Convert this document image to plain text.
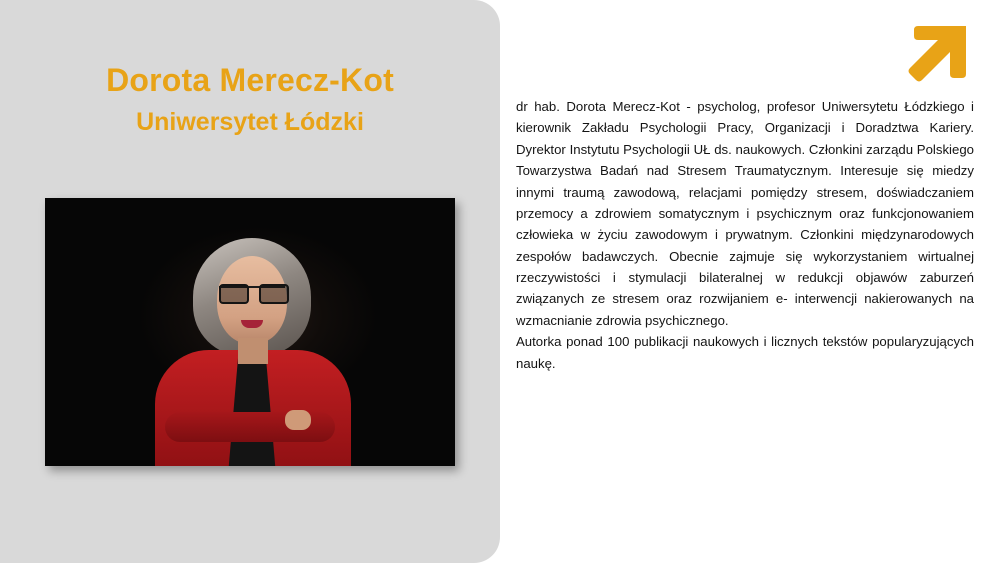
Dorota Merecz-Kot
Uniwersytet Łódzki

dr hab. Dorota Merecz-Kot - psycholog, profesor Uniwersytetu Łódzkiego i kierownik Zakładu Psychologii Pracy, Organizacji i Doradztwa Kariery. Dyrektor Instytutu Psychologii UŁ ds. naukowych. Członkini zarządu Polskiego Towarzystwa Badań nad Stresem Traumatycznym. Interesuje się miedzy innymi traumą zawodową, relacjami pomiędzy stresem, doświadczaniem przemocy a zdrowiem somatycznym i psychicznym oraz funkcjonowaniem człowieka w życiu zawodowym i prywatnym. Członkini międzynarodowych zespołów badawczych. Obecnie zajmuje się wykorzystaniem wirtualnej rzeczywistości i stymulacji bilateralnej w redukcji objawów zaburzeń związanych ze stresem oraz rozwijaniem e- interwencji nakierowanych na wzmacnianie zdrowia psychicznego.

Autorka ponad 100 publikacji naukowych i licznych tekstów popularyzujących naukę.
